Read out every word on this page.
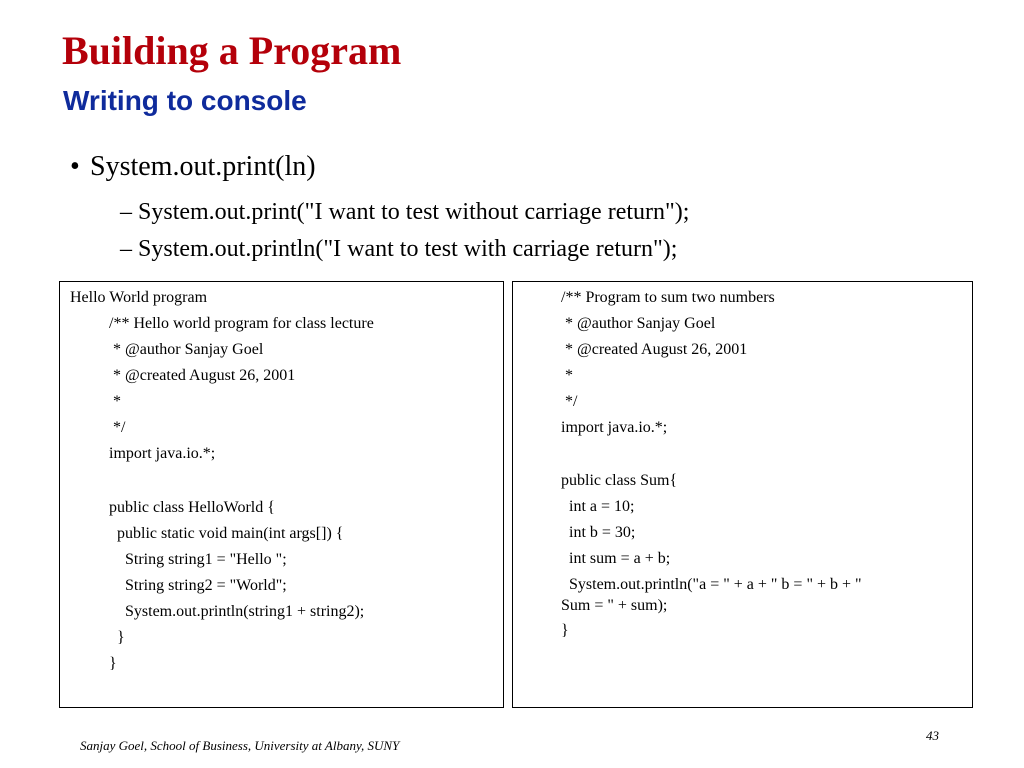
Building a Program
Writing to console
• System.out.print(ln)
– System.out.print("I want to test without carriage return");
– System.out.println("I want to test with carriage return");
Hello World program
/** Hello world program for class lecture
* @author Sanjay Goel
* @created August 26, 2001
*
*/
import java.io.*;
public class HelloWorld {
public static void main(int args[]) {
String string1 = "Hello ";
String string2 = "World";
System.out.println(string1 + string2);
}
}
/** Program to sum two numbers
* @author Sanjay Goel
* @created August 26, 2001
*
*/
import java.io.*;
public class Sum{
int a = 10;
int b = 30;
int sum = a + b;
System.out.println("a = " + a + " b = " + b + "
Sum = " + sum);
}
Sanjay Goel, School of Business, University at Albany, SUNY
43
